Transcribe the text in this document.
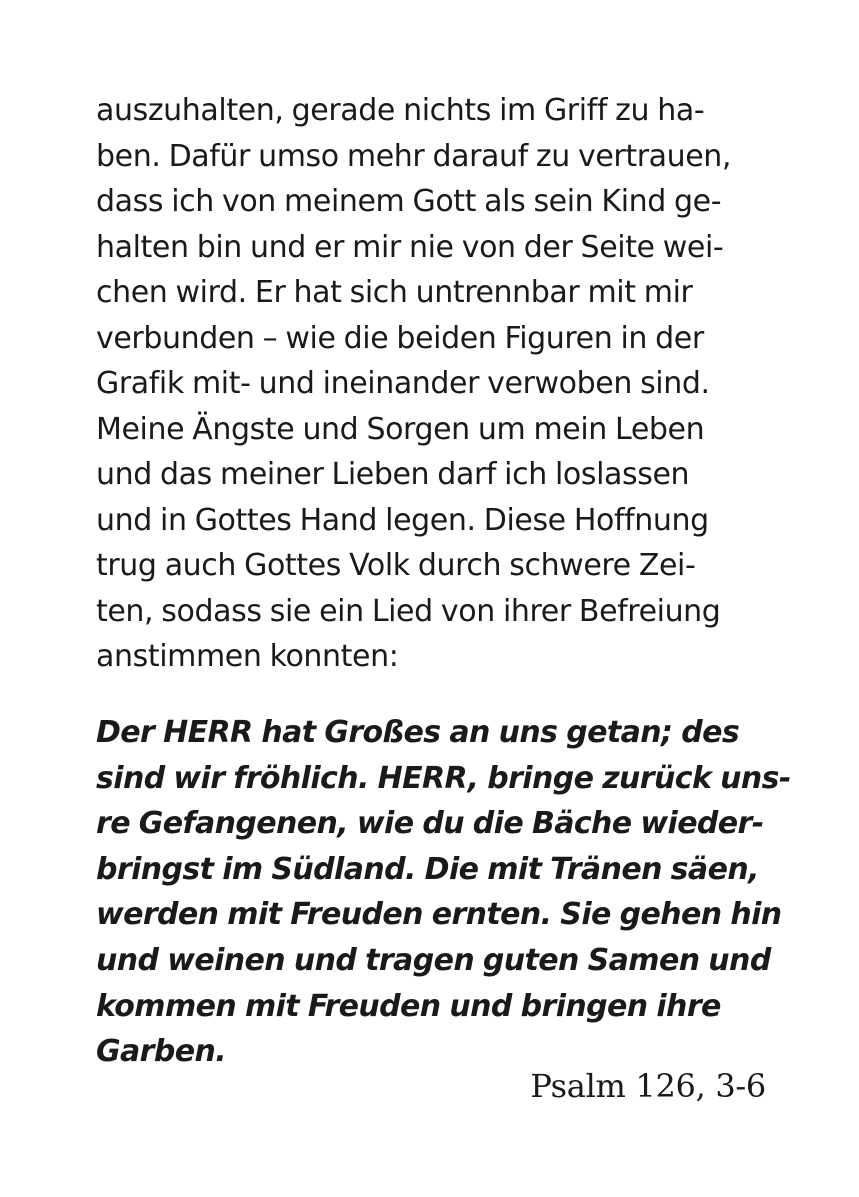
auszuhalten, gerade nichts im Griff zu ha-
ben. Dafür umso mehr darauf zu vertrauen,
dass ich von meinem Gott als sein Kind ge-
halten bin und er mir nie von der Seite wei-
chen wird. Er hat sich untrennbar mit mir
verbunden – wie die beiden Figuren in der
Grafik mit- und ineinander verwoben sind.
Meine Ängste und Sorgen um mein Leben
und das meiner Lieben darf ich loslassen
und in Gottes Hand legen. Diese Hoffnung
trug auch Gottes Volk durch schwere Zei-
ten, sodass sie ein Lied von ihrer Befreiung
anstimmen konnten:
Der HERR hat Großes an uns getan; des
sind wir fröhlich. HERR, bringe zurück uns-
re Gefangenen, wie du die Bäche wieder-
bringst im Südland. Die mit Tränen säen,
werden mit Freuden ernten. Sie gehen hin
und weinen und tragen guten Samen und
kommen mit Freuden und bringen ihre
Garben.
Psalm 126, 3-6
